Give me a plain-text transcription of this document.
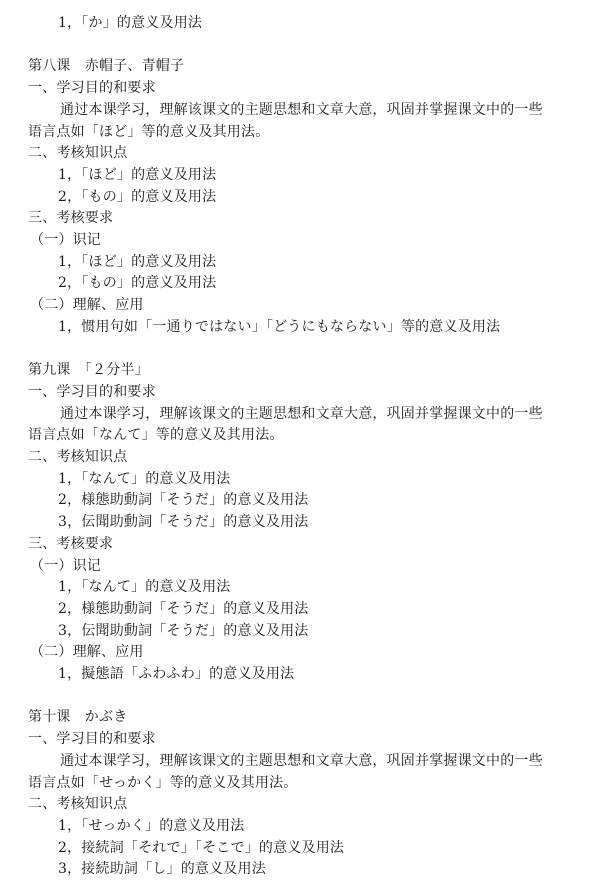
1，「か」的意义及用法
第八课　赤帽子、青帽子
一、学习目的和要求
通过本课学习，理解该课文的主题思想和文章大意，巩固并掌握课文中的一些
语言点如「ほど」等的意义及其用法。
二、考核知识点
1，「ほど」的意义及用法
2，「もの」的意义及用法
三、考核要求
（一）识记
1，「ほど」的意义及用法
2，「もの」的意义及用法
（二）理解、应用
1，惯用句如「一通りではない」「どうにもならない」等的意义及用法
第九课　「２分半」
一、学习目的和要求
通过本课学习，理解该课文的主题思想和文章大意，巩固并掌握课文中的一些
语言点如「なんて」等的意义及其用法。
二、考核知识点
1，「なんて」的意义及用法
2，様態助動詞「そうだ」的意义及用法
3，伝聞助動詞「そうだ」的意义及用法
三、考核要求
（一）识记
1，「なんて」的意义及用法
2，様態助動詞「そうだ」的意义及用法
3，伝聞助動詞「そうだ」的意义及用法
（二）理解、应用
1，擬態語「ふわふわ」的意义及用法
第十课　かぶき
一、学习目的和要求
通过本课学习，理解该课文的主题思想和文章大意，巩固并掌握课文中的一些
语言点如「せっかく」等的意义及其用法。
二、考核知识点
1，「せっかく」的意义及用法
2，接続詞「それで」「そこで」的意义及用法
3，接続助詞「し」的意义及用法
